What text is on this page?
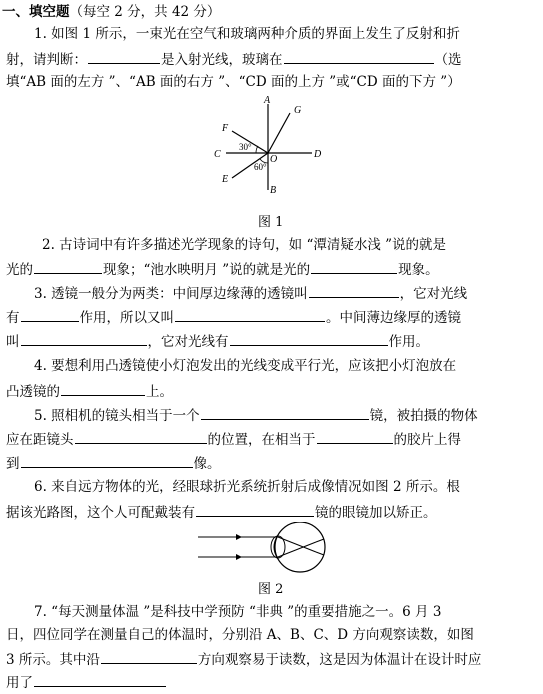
一、填空题（每空 2 分，共 42 分）
1. 如图 1 所示，一束光在空气和玻璃两种介质的界面上发生了反射和折
射，请判断：	是入射光线，玻璃在	（选
填“AB 面的左方 ”、“AB 面的右方 ”、“CD 面的上方 ”或“CD 面的下方 ”）
A
G
F
C	O	D
E
B
30°
60°
图 1
2. 古诗词中有许多描述光学现象的诗句，如 “潭清疑水浅 ”说的就是
光的	现象；“池水映明月 ”说的就是光的	现象。
3. 透镜一般分为两类：中间厚边缘薄的透镜叫	，它对光线
有	作用，所以又叫	。中间薄边缘厚的透镜
叫	，它对光线有	作用。
4. 要想利用凸透镜使小灯泡发出的光线变成平行光，应该把小灯泡放在
凸透镜的	上。
5. 照相机的镜头相当于一个	镜，被拍摄的物体
应在距镜头	的位置，在相当于	的胶片上得
到	像。
6. 来自远方物体的光，经眼球折光系统折射后成像情况如图 2 所示。根
据该光路图，这个人可配戴装有	镜的眼镜加以矫正。
图 2
7. “每天测量体温 ”是科技中学预防 “非典 ”的重要措施之一。6 月 3
日，四位同学在测量自己的体温时，分别沿 A、B、C、D 方向观察读数，如图
3 所示。其中沿	方向观察易于读数，这是因为体温计在设计时应
用了
